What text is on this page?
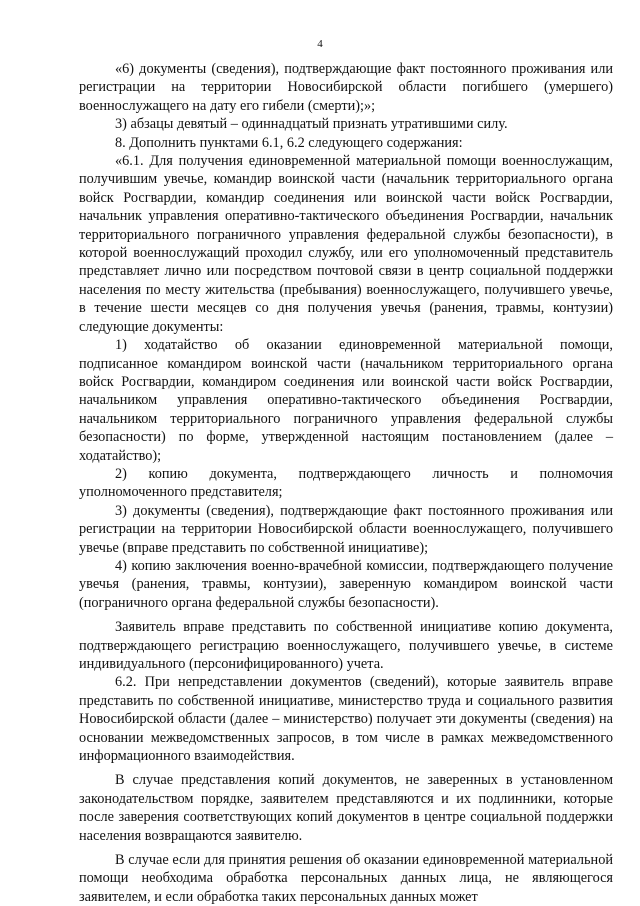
4

«6) документы (сведения), подтверждающие факт постоянного проживания или регистрации на территории Новосибирской области погибшего (умершего) военнослужащего на дату его гибели (смерти);»;

3) абзацы девятый – одиннадцатый признать утратившими силу.

8. Дополнить пунктами 6.1, 6.2 следующего содержания:

«6.1. Для получения единовременной материальной помощи военнослужащим, получившим увечье, командир воинской части (начальник территориального органа войск Росгвардии, командир соединения или воинской части войск Росгвардии, начальник управления оперативно-тактического объединения Росгвардии, начальник территориального пограничного управления федеральной службы безопасности), в которой военнослужащий проходил службу, или его уполномоченный представитель представляет лично или посредством почтовой связи в центр социальной поддержки населения по месту жительства (пребывания) военнослужащего, получившего увечье, в течение шести месяцев со дня получения увечья (ранения, травмы, контузии) следующие документы:

1) ходатайство об оказании единовременной материальной помощи, подписанное командиром воинской части (начальником территориального органа войск Росгвардии, командиром соединения или воинской части войск Росгвардии, начальником управления оперативно-тактического объединения Росгвардии, начальником территориального пограничного управления федеральной службы безопасности) по форме, утвержденной настоящим постановлением (далее – ходатайство);

2) копию документа, подтверждающего личность и полномочия уполномоченного представителя;

3) документы (сведения), подтверждающие факт постоянного проживания или регистрации на территории Новосибирской области военнослужащего, получившего увечье (вправе представить по собственной инициативе);

4) копию заключения военно-врачебной комиссии, подтверждающего получение увечья (ранения, травмы, контузии), заверенную командиром воинской части (пограничного органа федеральной службы безопасности).

Заявитель вправе представить по собственной инициативе копию документа, подтверждающего регистрацию военнослужащего, получившего увечье, в системе индивидуального (персонифицированного) учета.

6.2. При непредставлении документов (сведений), которые заявитель вправе представить по собственной инициативе, министерство труда и социального развития Новосибирской области (далее – министерство) получает эти документы (сведения) на основании межведомственных запросов, в том числе в рамках межведомственного информационного взаимодействия.

В случае представления копий документов, не заверенных в установленном законодательством порядке, заявителем представляются и их подлинники, которые после заверения соответствующих копий документов в центре социальной поддержки населения возвращаются заявителю.

В случае если для принятия решения об оказании единовременной материальной помощи необходима обработка персональных данных лица, не являющегося заявителем, и если обработка таких персональных данных может
